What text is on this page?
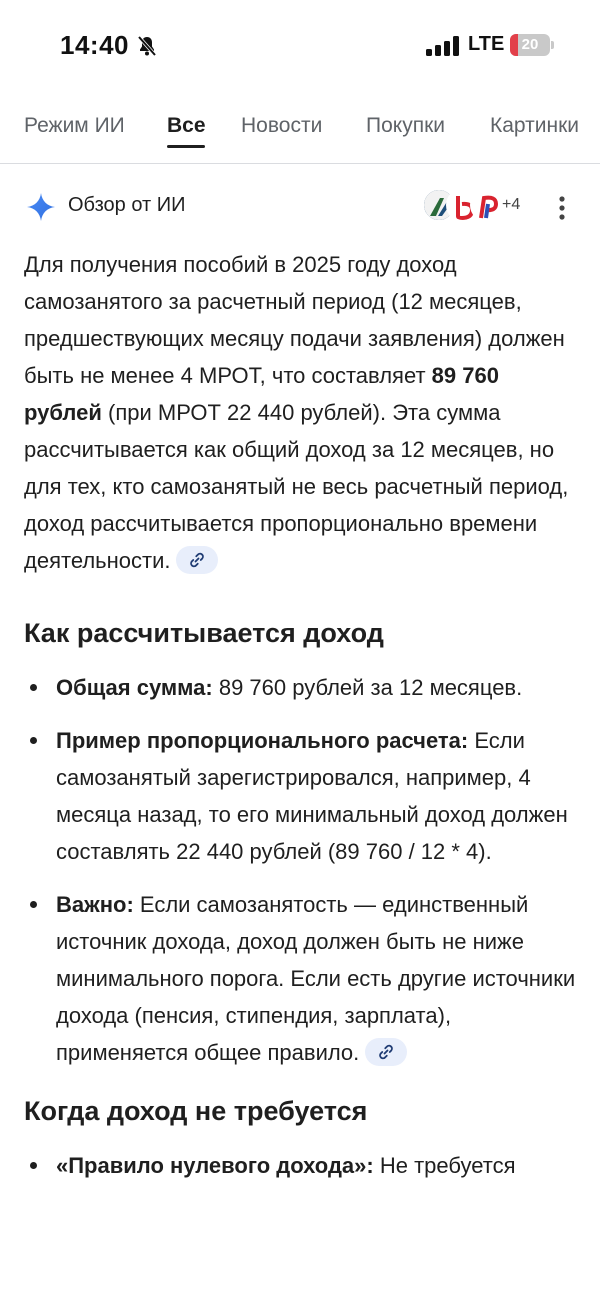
14:40	LTE	20
Режим ИИ Все Новости Покупки Картинки
Обзор от ИИ	+4

Для получения пособий в 2025 году доход самозанятого за расчетный период (12 месяцев, предшествующих месяцу подачи заявления) должен быть не менее 4 МРОТ, что составляет 89 760 рублей (при МРОТ 22 440 рублей). Эта сумма рассчитывается как общий доход за 12 месяцев, но для тех, кто самозанятый не весь расчетный период, доход рассчитывается пропорционально времени деятельности.

Как рассчитывается доход
Общая сумма: 89 760 рублей за 12 месяцев.
Пример пропорционального расчета: Если самозанятый зарегистрировался, например, 4 месяца назад, то его минимальный доход должен составлять 22 440 рублей (89 760 / 12 * 4).
Важно: Если самозанятость — единственный источник дохода, доход должен быть не ниже минимального порога. Если есть другие источники дохода (пенсия, стипендия, зарплата), применяется общее правило.
Когда доход не требуется
«Правило нулевого дохода»: Не требуется
